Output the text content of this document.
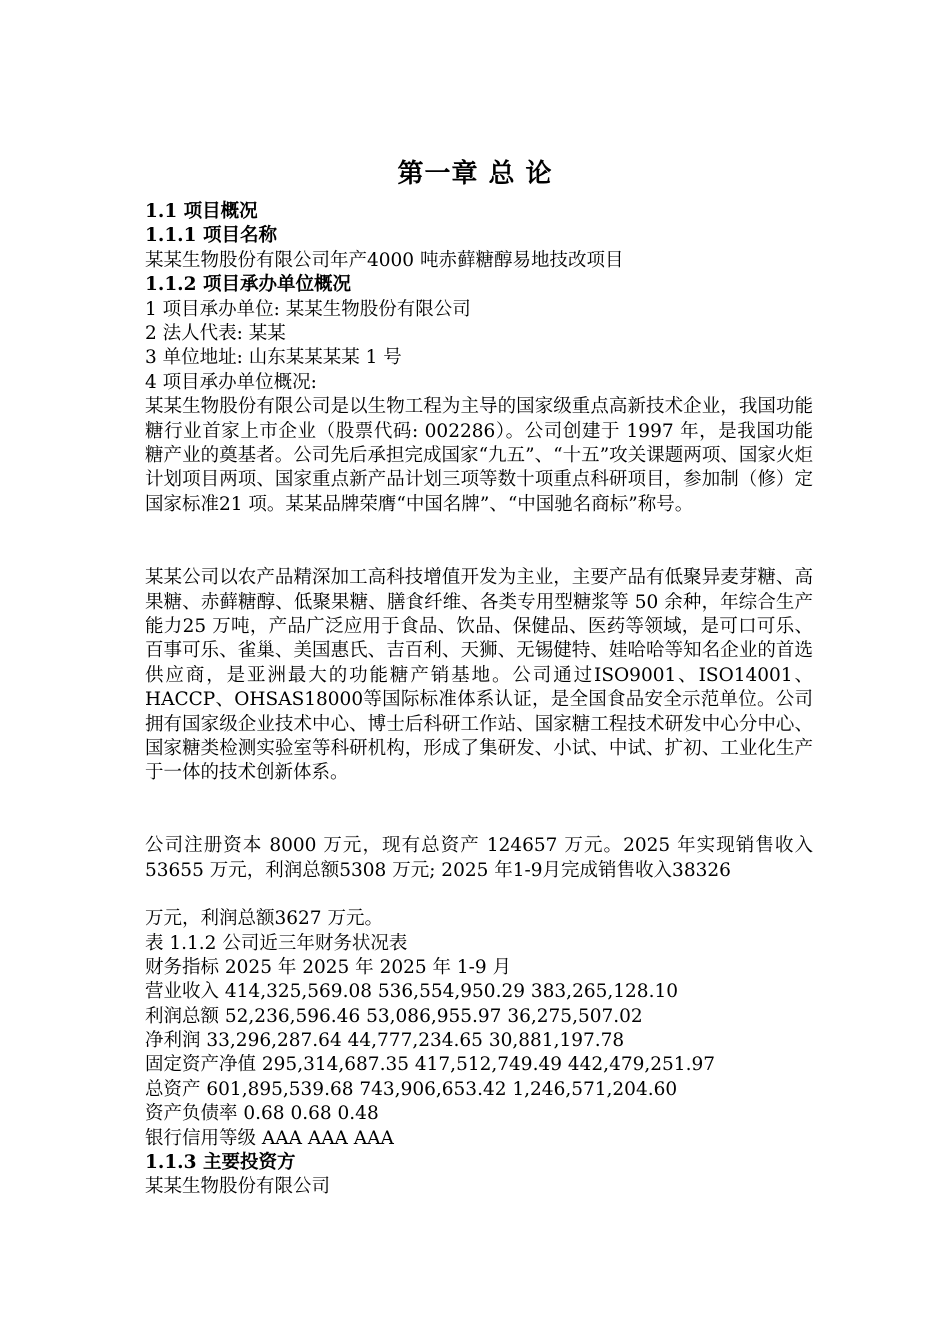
第一章 总 论
1.1 项目概况
1.1.1 项目名称
某某生物股份有限公司年产4000 吨赤藓糖醇易地技改项目
1.1.2 项目承办单位概况
1 项目承办单位: 某某生物股份有限公司
2 法人代表: 某某
3 单位地址: 山东某某某某 1 号
4 项目承办单位概况:
某某生物股份有限公司是以生物工程为主导的国家级重点高新技术企业，我国功能糖行业首家上市企业（股票代码: 002286）。公司创建于 1997 年，是我国功能糖产业的奠基者。公司先后承担完成国家“九五”、“十五”攻关课题两项、国家火炬计划项目两项、国家重点新产品计划三项等数十项重点科研项目，参加制（修）定国家标准21 项。某某品牌荣膺“中国名牌”、“中国驰名商标”称号。
某某公司以农产品精深加工高科技增值开发为主业，主要产品有低聚异麦芽糖、高果糖、赤藓糖醇、低聚果糖、膳食纤维、各类专用型糖浆等 50 余种，年综合生产能力25 万吨，产品广泛应用于食品、饮品、保健品、医药等领域，是可口可乐、百事可乐、雀巢、美国惠氏、吉百利、天狮、无锡健特、娃哈哈等知名企业的首选供应商，是亚洲最大的功能糖产销基地。公司通过ISO9001、ISO14001、HACCP、OHSAS18000等国际标准体系认证，是全国食品安全示范单位。公司拥有国家级企业技术中心、博士后科研工作站、国家糖工程技术研发中心分中心、国家糖类检测实验室等科研机构，形成了集研发、小试、中试、扩初、工业化生产于一体的技术创新体系。
公司注册资本 8000 万元，现有总资产 124657 万元。2025 年实现销售收入53655 万元，利润总额5308 万元; 2025 年1-9月完成销售收入38326
万元，利润总额3627 万元。
表 1.1.2 公司近三年财务状况表
财务指标 2025 年 2025 年 2025 年 1-9 月
营业收入 414,325,569.08 536,554,950.29 383,265,128.10
利润总额 52,236,596.46 53,086,955.97 36,275,507.02
净利润 33,296,287.64 44,777,234.65 30,881,197.78
固定资产净值 295,314,687.35 417,512,749.49 442,479,251.97
总资产 601,895,539.68 743,906,653.42 1,246,571,204.60
资产负债率 0.68 0.68 0.48
银行信用等级 AAA AAA AAA
1.1.3 主要投资方
某某生物股份有限公司
